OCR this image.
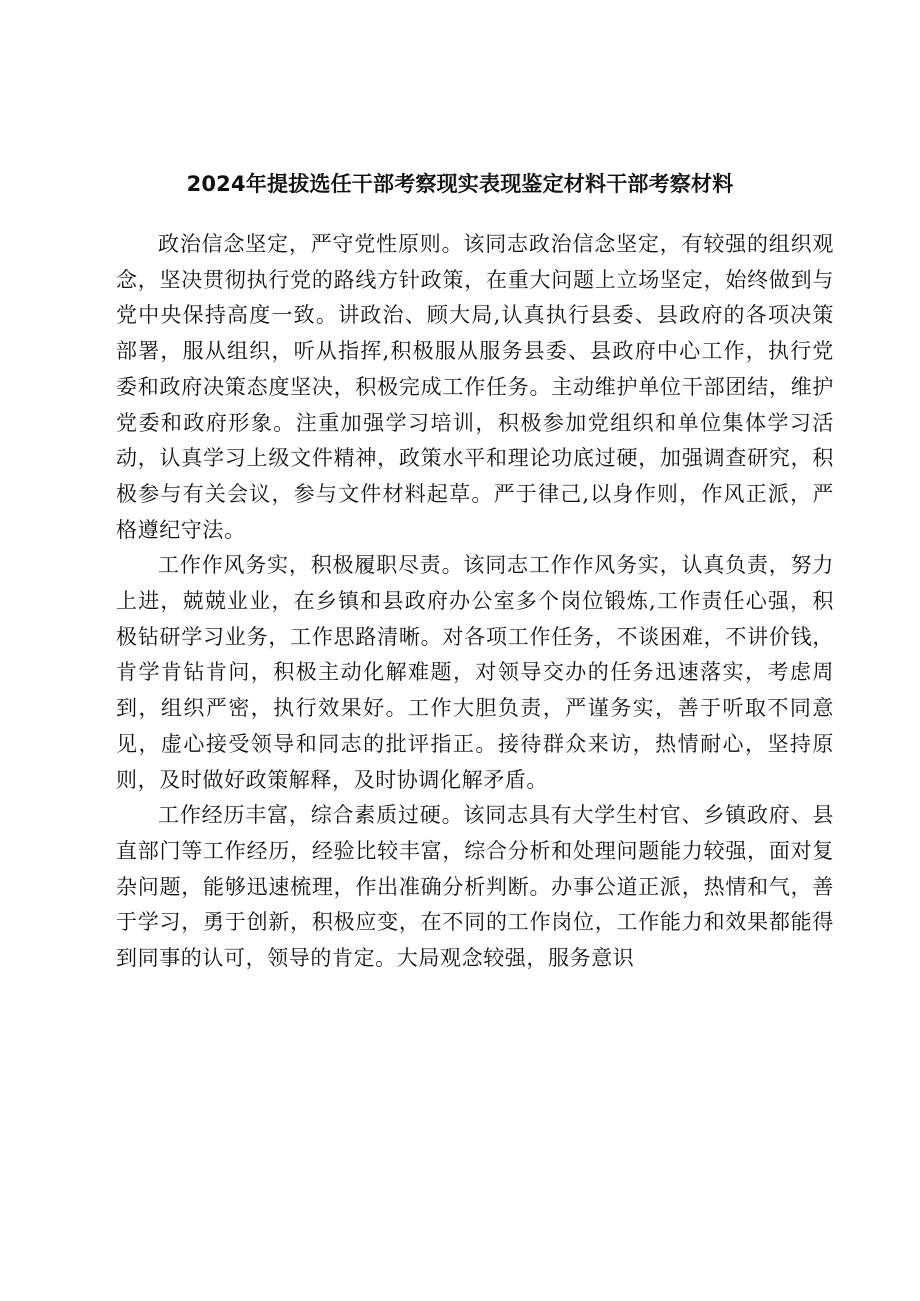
2024年提拔选任干部考察现实表现鉴定材料干部考察材料

政治信念坚定，严守党性原则。该同志政治信念坚定，有较强的组织观念，坚决贯彻执行党的路线方针政策，在重大问题上立场坚定，始终做到与党中央保持高度一致。讲政治、顾大局,认真执行县委、县政府的各项决策部署，服从组织，听从指挥,积极服从服务县委、县政府中心工作，执行党委和政府决策态度坚决，积极完成工作任务。主动维护单位干部团结，维护党委和政府形象。注重加强学习培训，积极参加党组织和单位集体学习活动，认真学习上级文件精神，政策水平和理论功底过硬，加强调查研究，积极参与有关会议，参与文件材料起草。严于律己,以身作则，作风正派，严格遵纪守法。

工作作风务实，积极履职尽责。该同志工作作风务实，认真负责，努力上进，兢兢业业，在乡镇和县政府办公室多个岗位锻炼,工作责任心强，积极钻研学习业务，工作思路清晰。对各项工作任务，不谈困难，不讲价钱，肯学肯钻肯问，积极主动化解难题，对领导交办的任务迅速落实，考虑周到，组织严密，执行效果好。工作大胆负责，严谨务实，善于听取不同意见，虚心接受领导和同志的批评指正。接待群众来访，热情耐心，坚持原则，及时做好政策解释，及时协调化解矛盾。

工作经历丰富，综合素质过硬。该同志具有大学生村官、乡镇政府、县直部门等工作经历，经验比较丰富，综合分析和处理问题能力较强，面对复杂问题，能够迅速梳理，作出准确分析判断。办事公道正派，热情和气，善于学习，勇于创新，积极应变，在不同的工作岗位，工作能力和效果都能得到同事的认可，领导的肯定。大局观念较强，服务意识
